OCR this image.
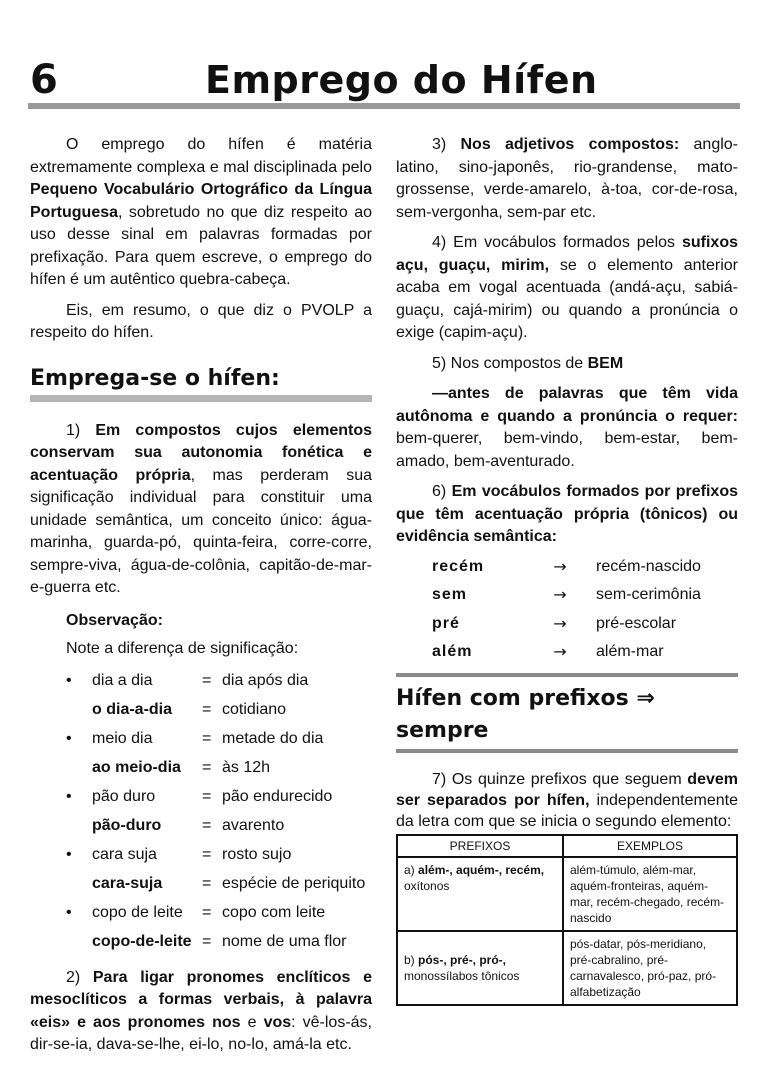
6	Emprego do Hífen

O emprego do hífen é matéria extremamente complexa e mal disciplinada pelo Pequeno Vocabulário Ortográfico da Língua Portuguesa, sobretudo no que diz respeito ao uso desse sinal em palavras formadas por prefixação. Para quem escreve, o emprego do hífen é um autêntico quebra-cabeça.

Eis, em resumo, o que diz o PVOLP a respeito do hífen.

Emprega-se o hífen:

1) Em compostos cujos elementos conservam sua autonomia fonética e acentuação própria, mas perderam sua significação individual para constituir uma unidade semântica, um conceito único: água-marinha, guarda-pó, quinta-feira, corre-corre, sempre-viva, água-de-colônia, capitão-de-mar-e-guerra etc.

Observação:
Note a diferença de significação:
•	dia a dia	= dia após dia
o dia-a-dia	= cotidiano
•	meio dia	= metade do dia
ao meio-dia	= às 12h
•	pão duro	= pão endurecido
pão-duro	= avarento
•	cara suja	= rosto sujo
cara-suja	= espécie de periquito
•	copo de leite	= copo com leite
copo-de-leite = nome de uma flor

2) Para ligar pronomes enclíticos e mesoclíticos a formas verbais, à palavra «eis» e aos pronomes nos e vos: vê-los-ás, dir-se-ia, dava-se-lhe, ei-lo, no-lo, amá-la etc.

3) Nos adjetivos compostos: anglo-latino, sino-japonês, rio-grandense, mato-grossense, verde-amarelo, à-toa, cor-de-rosa, sem-vergonha, sem-par etc.

4) Em vocábulos formados pelos sufixos açu, guaçu, mirim, se o elemento anterior acaba em vogal acentuada (andá-açu, sabiá-guaçu, cajá-mirim) ou quando a pronúncia o exige (capim-açu).

5) Nos compostos de BEM

—antes de palavras que têm vida autônoma e quando a pronúncia o requer: bem-querer, bem-vindo, bem-estar, bem-amado, bem-aventurado.

6) Em vocábulos formados por prefixos que têm acentuação própria (tônicos) ou evidência semântica:

recém	→	recém-nascido
sem	→	sem-cerimônia
pré	→	pré-escolar
além	→	além-mar
Hífen com prefixos ⇒
sempre

7) Os quinze prefixos que seguem devem ser separados por hífen, independentemente da letra com que se inicia o segundo elemento:

PREFIXOS	EXEMPLOS
a) além-, aquém-, recém, oxítonos	além-túmulo, além-mar, aquém-fronteiras, aquém-mar, recém-chegado, recém-nascido
b) pós-, pré-, pró-, monossílabos tônicos	pós-datar, pós-meridiano, pré-cabralino, pré-carnavalesco, pró-paz, pró-alfabetização
